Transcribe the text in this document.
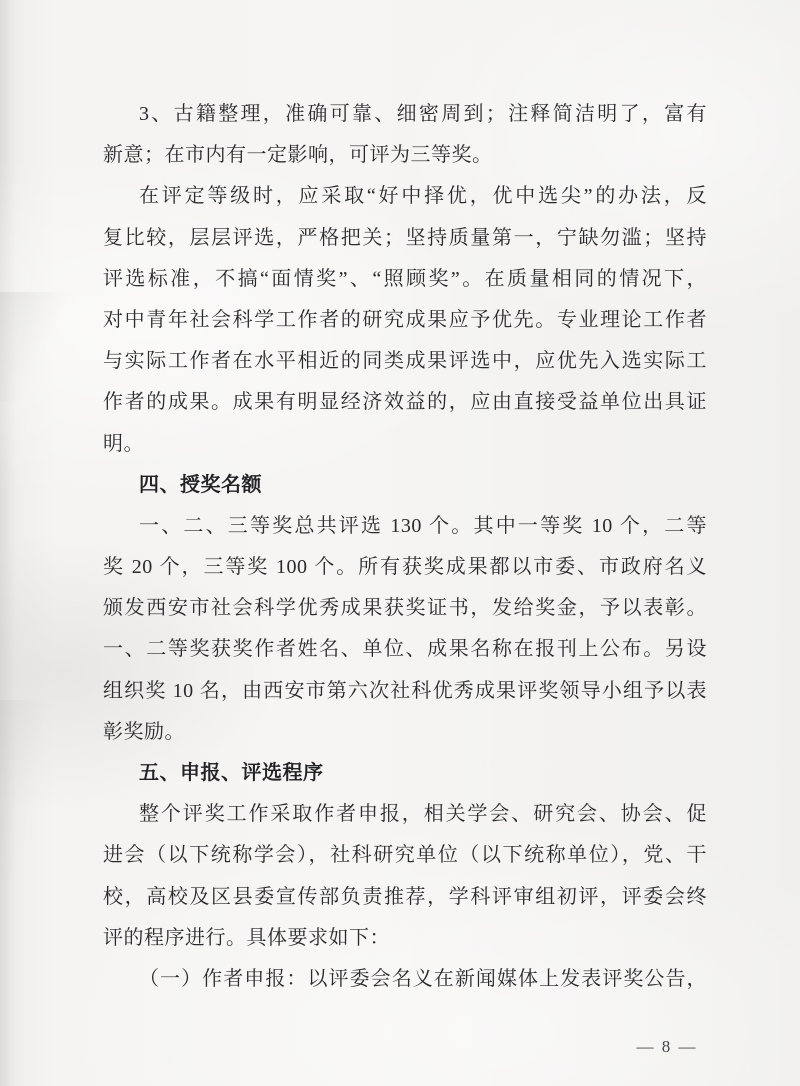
3、古籍整理，准确可靠、细密周到；注释简洁明了，富有
新意；在市内有一定影响，可评为三等奖。
在评定等级时，应采取“好中择优，优中选尖”的办法，反
复比较，层层评选，严格把关；坚持质量第一，宁缺勿滥；坚持
评选标准，不搞“面情奖”、“照顾奖”。在质量相同的情况下，
对中青年社会科学工作者的研究成果应予优先。专业理论工作者
与实际工作者在水平相近的同类成果评选中，应优先入选实际工
作者的成果。成果有明显经济效益的，应由直接受益单位出具证
明。
四、授奖名额
一、二、三等奖总共评选 130 个。其中一等奖 10 个，二等
奖 20 个，三等奖 100 个。所有获奖成果都以市委、市政府名义
颁发西安市社会科学优秀成果获奖证书，发给奖金，予以表彰。
一、二等奖获奖作者姓名、单位、成果名称在报刊上公布。另设
组织奖 10 名，由西安市第六次社科优秀成果评奖领导小组予以表
彰奖励。
五、申报、评选程序
整个评奖工作采取作者申报，相关学会、研究会、协会、促
进会（以下统称学会），社科研究单位（以下统称单位），党、干
校，高校及区县委宣传部负责推荐，学科评审组初评，评委会终
评的程序进行。具体要求如下：
（一）作者申报：以评委会名义在新闻媒体上发表评奖公告，
— 8 —
